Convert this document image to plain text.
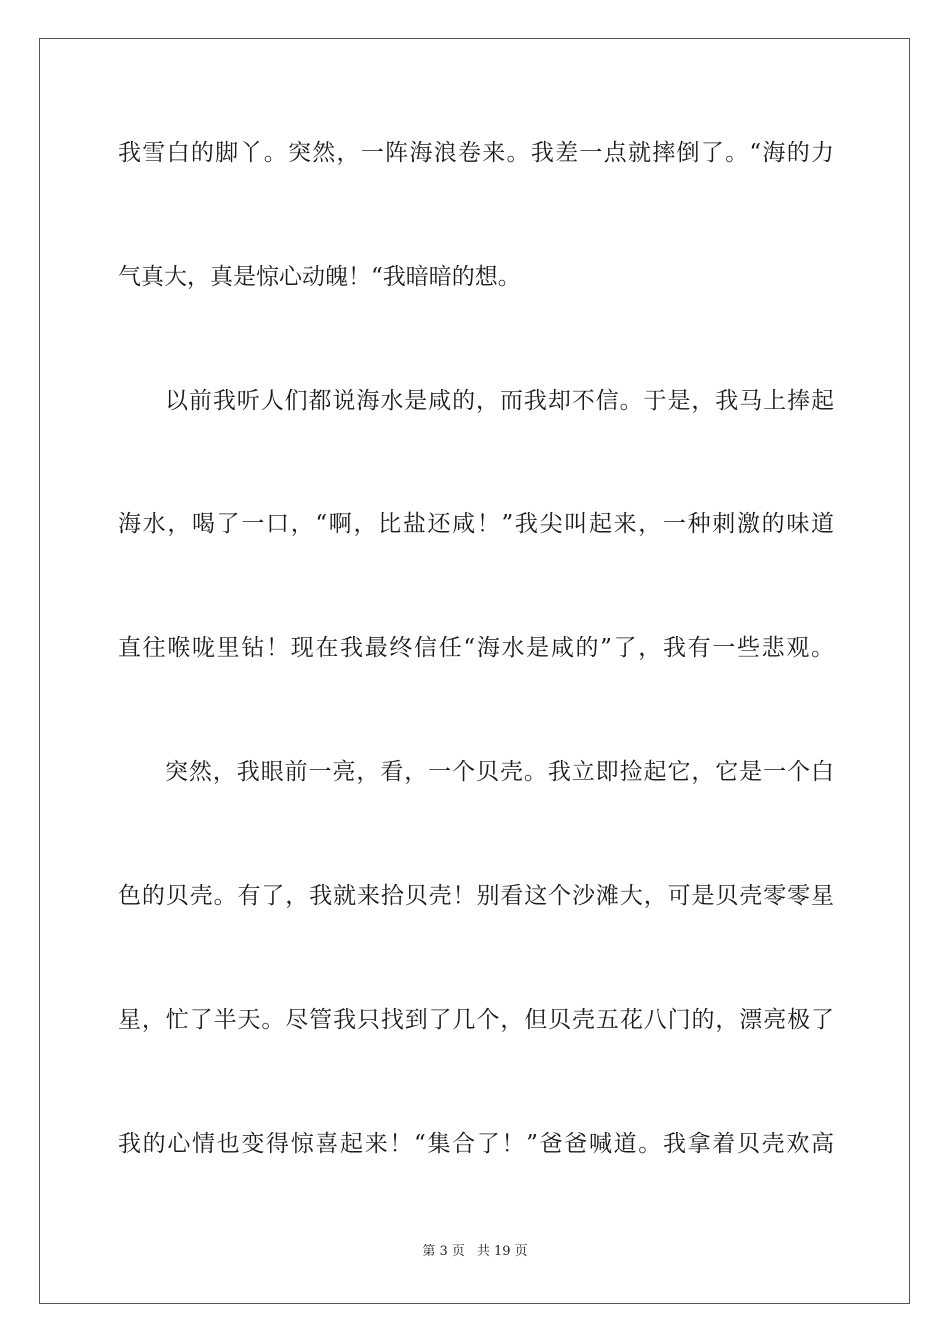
我雪白的脚丫。突然，一阵海浪卷来。我差一点就摔倒了。“海的力
气真大，真是惊心动魄！“我暗暗的想。
以前我听人们都说海水是咸的，而我却不信。于是，我马上捧起
海水，喝了一口，“啊，比盐还咸！”我尖叫起来，一种刺激的味道
直往喉咙里钻！现在我最终信任“海水是咸的”了，我有一些悲观。
突然，我眼前一亮，看，一个贝壳。我立即捡起它，它是一个白
色的贝壳。有了，我就来拾贝壳！别看这个沙滩大，可是贝壳零零星
星，忙了半天。尽管我只找到了几个，但贝壳五花八门的，漂亮极了
我的心情也变得惊喜起来！“集合了！”爸爸喊道。我拿着贝壳欢高
第 3 页 共 19 页
